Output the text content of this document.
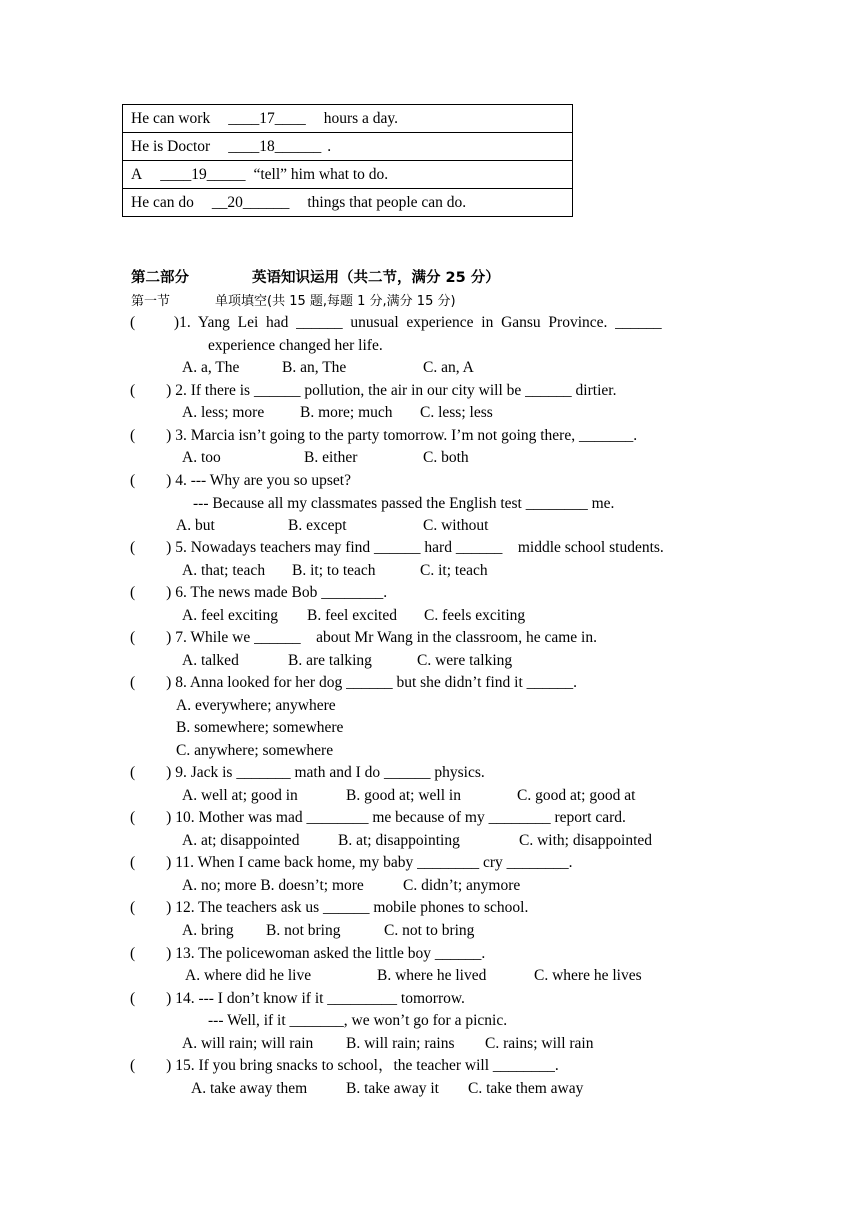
He can work ____17____ hours a day.
He is Doctor ____18______ .
A ____19_____ “tell” him what to do.
He can do __20______ things that people can do.
第二部分	英语知识运用（共二节，满分 25 分）
第一节	单项填空(共 15 题,每题 1 分,满分 15 分)
(          )1.  Yang  Lei  had  ______  unusual  experience  in  Gansu  Province.  ______
experience changed her life.
A. a, The	B. an, The	C. an, A
(        ) 2. If there is ______ pollution, the air in our city will be ______ dirtier.
A. less; more B. more; much C. less; less
(        ) 3. Marcia isn’t going to the party tomorrow. I’m not going there, _______.
A. too	B. either	C. both
(        ) 4. --- Why are you so upset?
--- Because all my classmates passed the English test ________ me.
A. but	B. except	C. without
(        ) 5. Nowadays teachers may find ______ hard ______    middle school students.
A. that; teach B. it; to teach	C. it; teach
(        ) 6. The news made Bob ________.
A. feel exciting B. feel excited C. feels exciting
(        ) 7. While we ______    about Mr Wang in the classroom, he came in.
A. talked	B. are talking	C. were talking
(        ) 8. Anna looked for her dog ______ but she didn’t find it ______.
A. everywhere; anywhere
B. somewhere; somewhere
C. anywhere; somewhere
(        ) 9. Jack is _______ math and I do ______ physics.
A. well at; good in	B. good at; well in	C. good at; good at
(        ) 10. Mother was mad ________ me because of my ________ report card.
A. at; disappointed B. at; disappointing	C. with; disappointed
(        ) 11. When I came back home, my baby ________ cry ________.
A. no; more B. doesn’t; more	C. didn’t; anymore
(        ) 12. The teachers ask us ______ mobile phones to school.
A. bring B. not bring	C. not to bring
(        ) 13. The policewoman asked the little boy ______.
A. where did he live	B. where he lived	C. where he lives
(        ) 14. --- I don’t know if it _________ tomorrow.
--- Well, if it _______, we won’t go for a picnic.
A. will rain; will rain B. will rain; rains C. rains; will rain
(        ) 15. If you bring snacks to school，the teacher will ________.
A. take away them	B. take away it C. take them away
